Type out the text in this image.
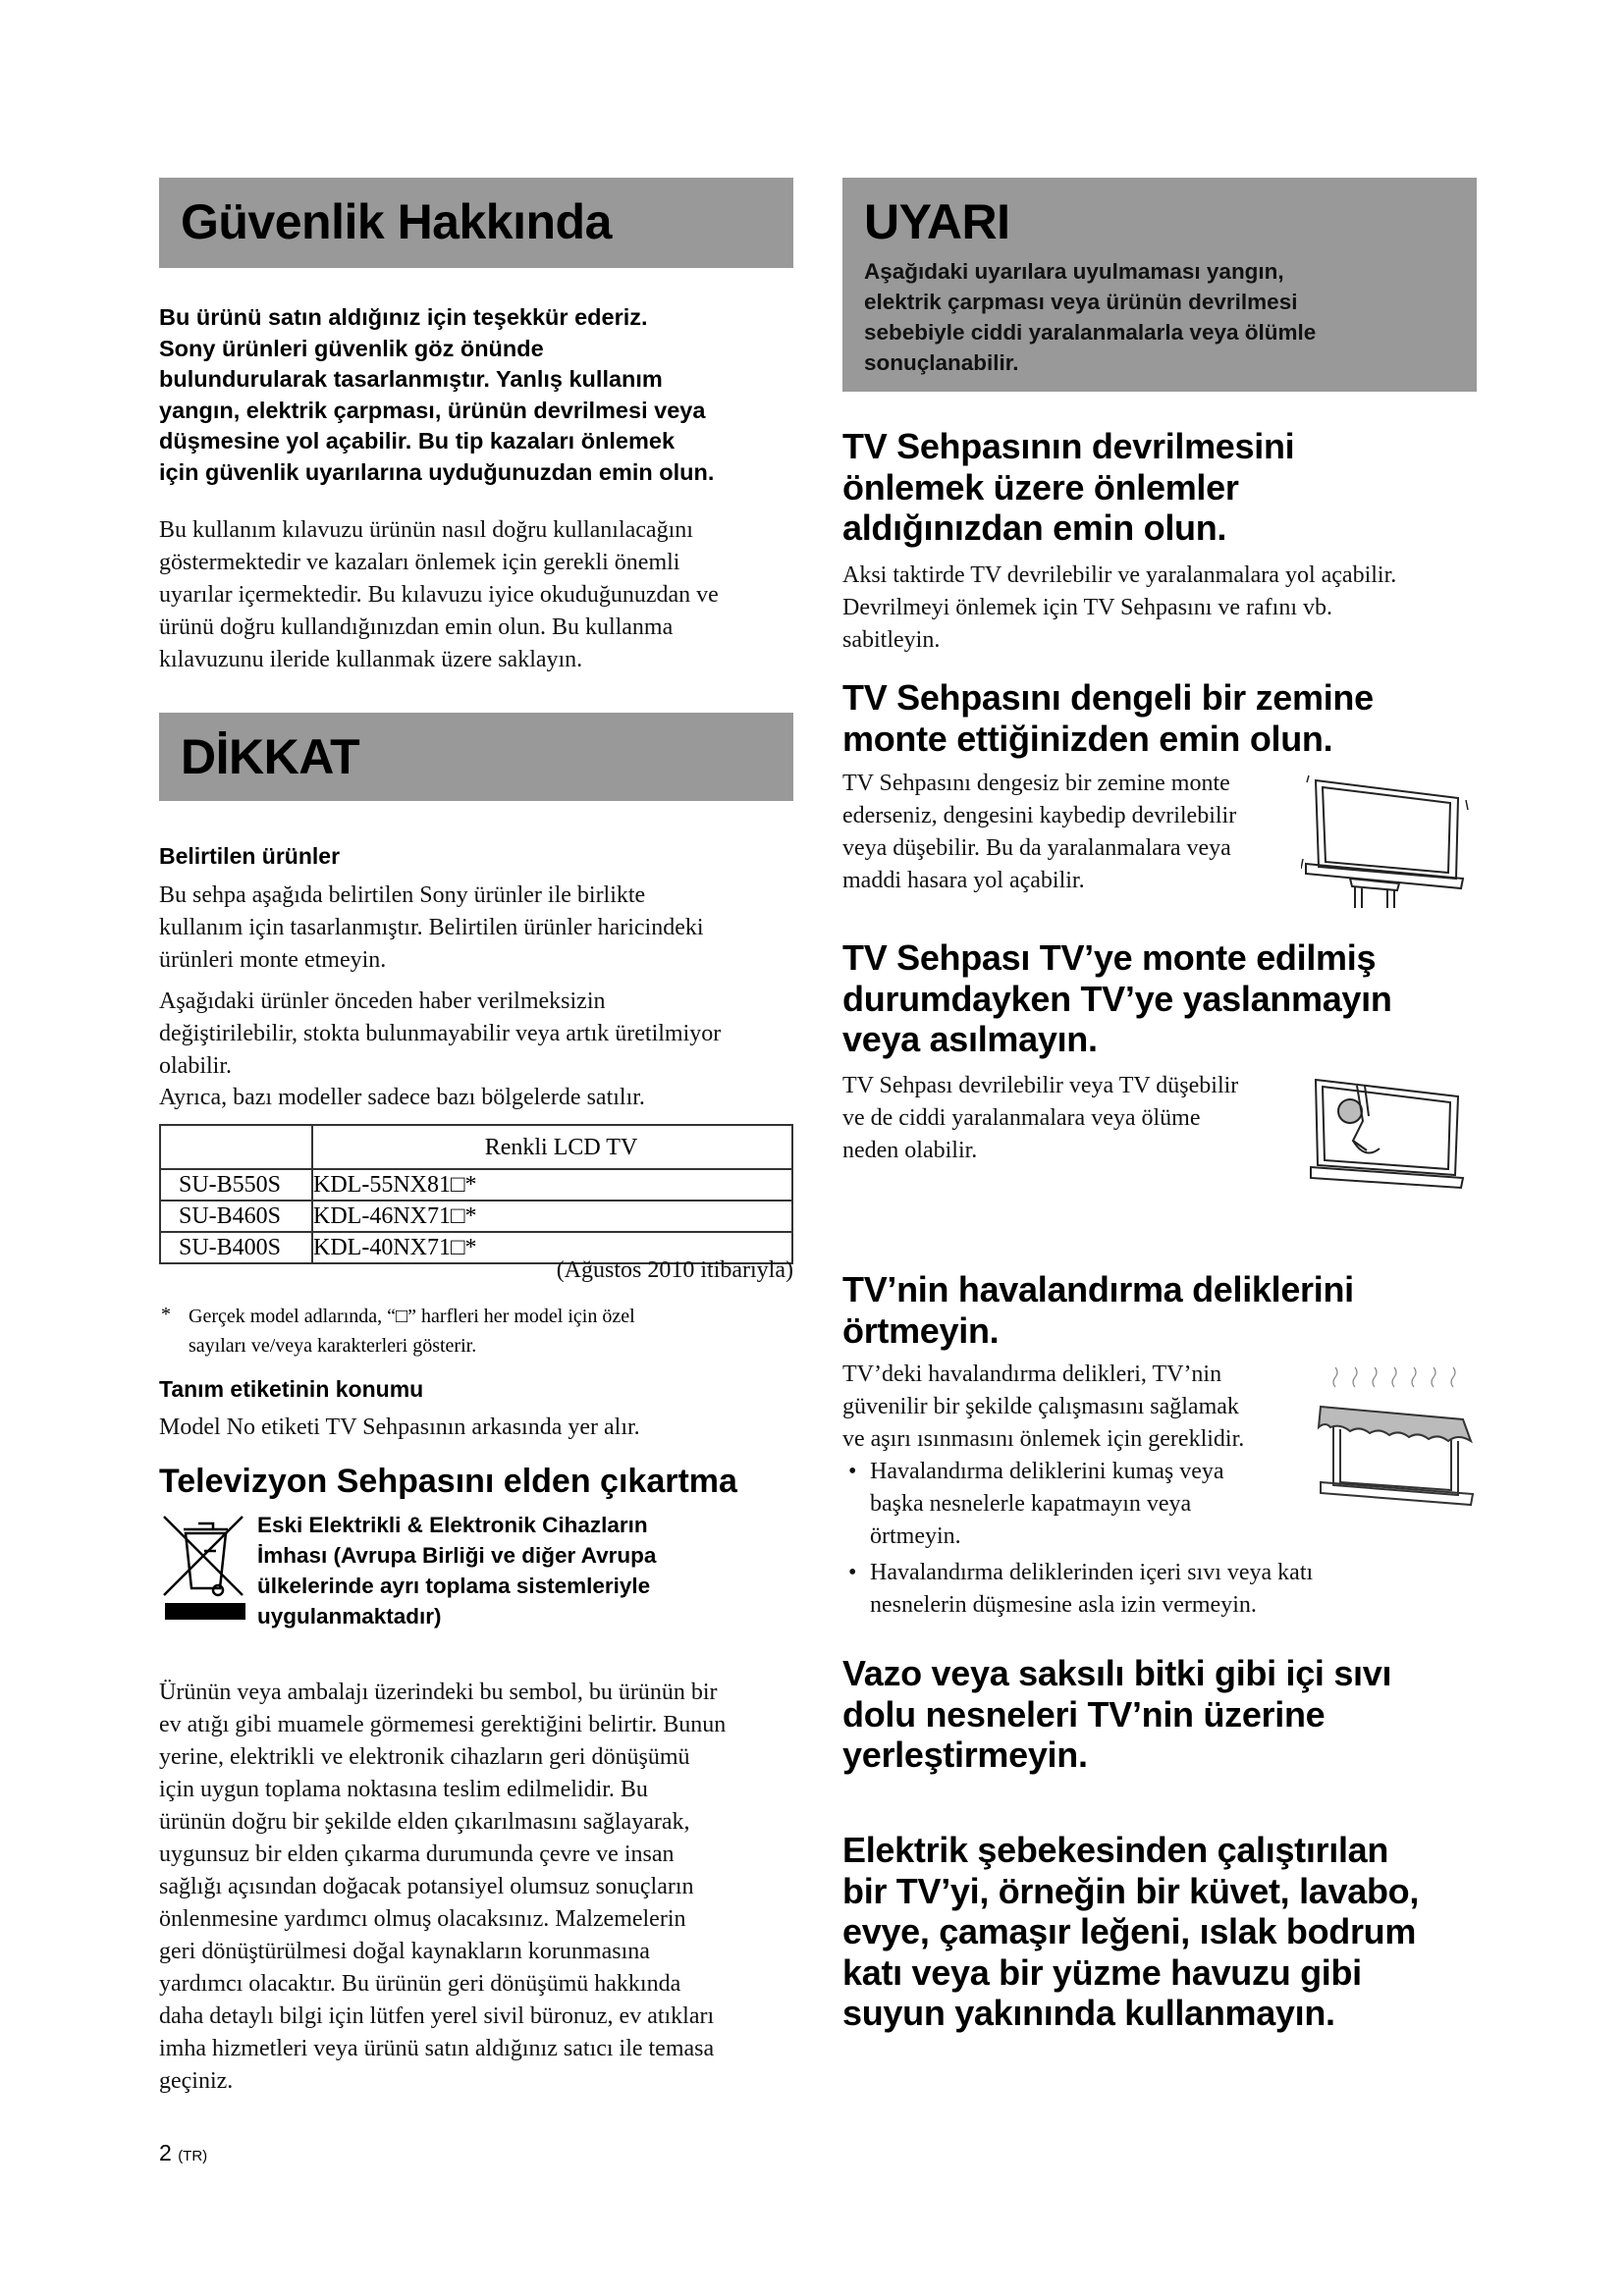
Güvenlik Hakkında
Bu ürünü satın aldığınız için teşekkür ederiz.
Sony ürünleri güvenlik göz önünde
bulundurularak tasarlanmıştır. Yanlış kullanım
yangın, elektrik çarpması, ürünün devrilmesi veya
düşmesine yol açabilir. Bu tip kazaları önlemek
için güvenlik uyarılarına uyduğunuzdan emin olun.
Bu kullanım kılavuzu ürünün nasıl doğru kullanılacağını
göstermektedir ve kazaları önlemek için gerekli önemli
uyarılar içermektedir. Bu kılavuzu iyice okuduğunuzdan ve
ürünü doğru kullandığınızdan emin olun. Bu kullanma
kılavuzunu ileride kullanmak üzere saklayın.
DİKKAT
Belirtilen ürünler
Bu sehpa aşağıda belirtilen Sony ürünler ile birlikte
kullanım için tasarlanmıştır. Belirtilen ürünler haricindeki
ürünleri monte etmeyin.
Aşağıdaki ürünler önceden haber verilmeksizin
değiştirilebilir, stokta bulunmayabilir veya artık üretilmiyor
olabilir.
Ayrıca, bazı modeller sadece bazı bölgelerde satılır.
	Renkli LCD TV
SU-B550S	KDL-55NX81□*
SU-B460S	KDL-46NX71□*
SU-B400S	KDL-40NX71□*
(Ağustos 2010 itibarıyla)
* Gerçek model adlarında, “□” harfleri her model için özel
sayıları ve/veya karakterleri gösterir.
Tanım etiketinin konumu
Model No etiketi TV Sehpasının arkasında yer alır.
Televizyon Sehpasını elden çıkartma
Eski Elektrikli & Elektronik Cihazların
İmhası (Avrupa Birliği ve diğer Avrupa
ülkelerinde ayrı toplama sistemleriyle
uygulanmaktadır)
Ürünün veya ambalajı üzerindeki bu sembol, bu ürünün bir
ev atığı gibi muamele görmemesi gerektiğini belirtir. Bunun
yerine, elektrikli ve elektronik cihazların geri dönüşümü
için uygun toplama noktasına teslim edilmelidir. Bu
ürünün doğru bir şekilde elden çıkarılmasını sağlayarak,
uygunsuz bir elden çıkarma durumunda çevre ve insan
sağlığı açısından doğacak potansiyel olumsuz sonuçların
önlenmesine yardımcı olmuş olacaksınız. Malzemelerin
geri dönüştürülmesi doğal kaynakların korunmasına
yardımcı olacaktır. Bu ürünün geri dönüşümü hakkında
daha detaylı bilgi için lütfen yerel sivil büronuz, ev atıkları
imha hizmetleri veya ürünü satın aldığınız satıcı ile temasa
geçiniz.
2 (TR)
UYARI
Aşağıdaki uyarılara uyulmaması yangın,
elektrik çarpması veya ürünün devrilmesi
sebebiyle ciddi yaralanmalarla veya ölümle
sonuçlanabilir.
TV Sehpasının devrilmesini
önlemek üzere önlemler
aldığınızdan emin olun.
Aksi taktirde TV devrilebilir ve yaralanmalara yol açabilir.
Devrilmeyi önlemek için TV Sehpasını ve rafını vb.
sabitleyin.
TV Sehpasını dengeli bir zemine
monte ettiğinizden emin olun.
TV Sehpasını dengesiz bir zemine monte
ederseniz, dengesini kaybedip devrilebilir
veya düşebilir. Bu da yaralanmalara veya
maddi hasara yol açabilir.
TV Sehpası TV’ye monte edilmiş
durumdayken TV’ye yaslanmayın
veya asılmayın.
TV Sehpası devrilebilir veya TV düşebilir
ve de ciddi yaralanmalara veya ölüme
neden olabilir.
TV’nin havalandırma deliklerini
örtmeyin.
TV’deki havalandırma delikleri, TV’nin
güvenilir bir şekilde çalışmasını sağlamak
ve aşırı ısınmasını önlemek için gereklidir.
• Havalandırma deliklerini kumaş veya
başka nesnelerle kapatmayın veya
örtmeyin.
• Havalandırma deliklerinden içeri sıvı veya katı
nesnelerin düşmesine asla izin vermeyin.
Vazo veya saksılı bitki gibi içi sıvı
dolu nesneleri TV’nin üzerine
yerleştirmeyin.
Elektrik şebekesinden çalıştırılan
bir TV’yi, örneğin bir küvet, lavabo,
evye, çamaşır leğeni, ıslak bodrum
katı veya bir yüzme havuzu gibi
suyun yakınında kullanmayın.
